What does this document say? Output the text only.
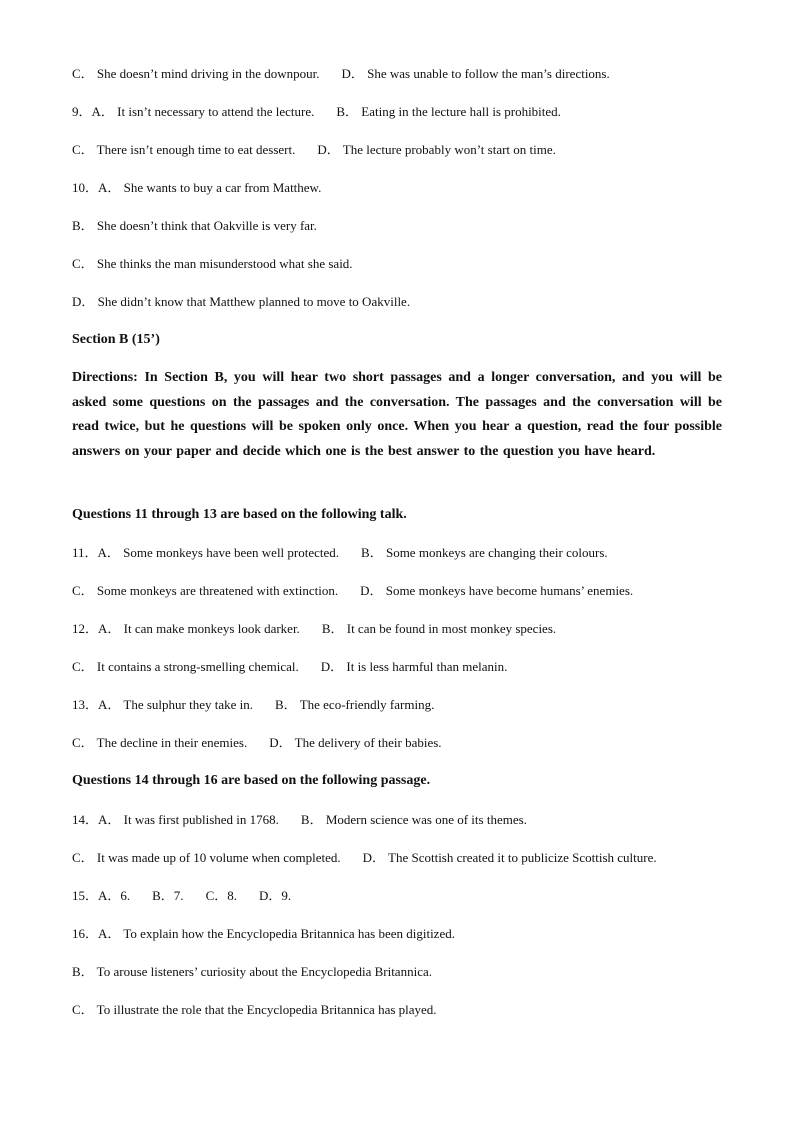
C． She doesn’t mind driving in the downpour. D． She was unable to follow the man’s directions.
9．A． It isn’t necessary to attend the lecture. B． Eating in the lecture hall is prohibited.
C． There isn’t enough time to eat dessert. D． The lecture probably won’t start on time.
10．A． She wants to buy a car from Matthew.
B． She doesn’t think that Oakville is very far.
C． She thinks the man misunderstood what she said.
D． She didn’t know that Matthew planned to move to Oakville.
Section B (15’)
Directions: In Section B, you will hear two short passages and a longer conversation, and you will be asked some questions on the passages and the conversation. The passages and the conversation will be read twice, but he questions will be spoken only once. When you hear a question, read the four possible answers on your paper and decide which one is the best answer to the question you have heard.
Questions 11 through 13 are based on the following talk.
11．A． Some monkeys have been well protected. B． Some monkeys are changing their colours.
C． Some monkeys are threatened with extinction. D． Some monkeys have become humans’ enemies.
12．A． It can make monkeys look darker. B． It can be found in most monkey species.
C． It contains a strong-smelling chemical. D． It is less harmful than melanin.
13．A． The sulphur they take in. B． The eco-friendly farming.
C． The decline in their enemies. D． The delivery of their babies.
Questions 14 through 16 are based on the following passage.
14．A． It was first published in 1768. B． Modern science was one of its themes.
C． It was made up of 10 volume when completed. D． The Scottish created it to publicize Scottish culture.
15．A．6. B．7. C．8. D．9.
16．A． To explain how the Encyclopedia Britannica has been digitized.
B． To arouse listeners’ curiosity about the Encyclopedia Britannica.
C． To illustrate the role that the Encyclopedia Britannica has played.
